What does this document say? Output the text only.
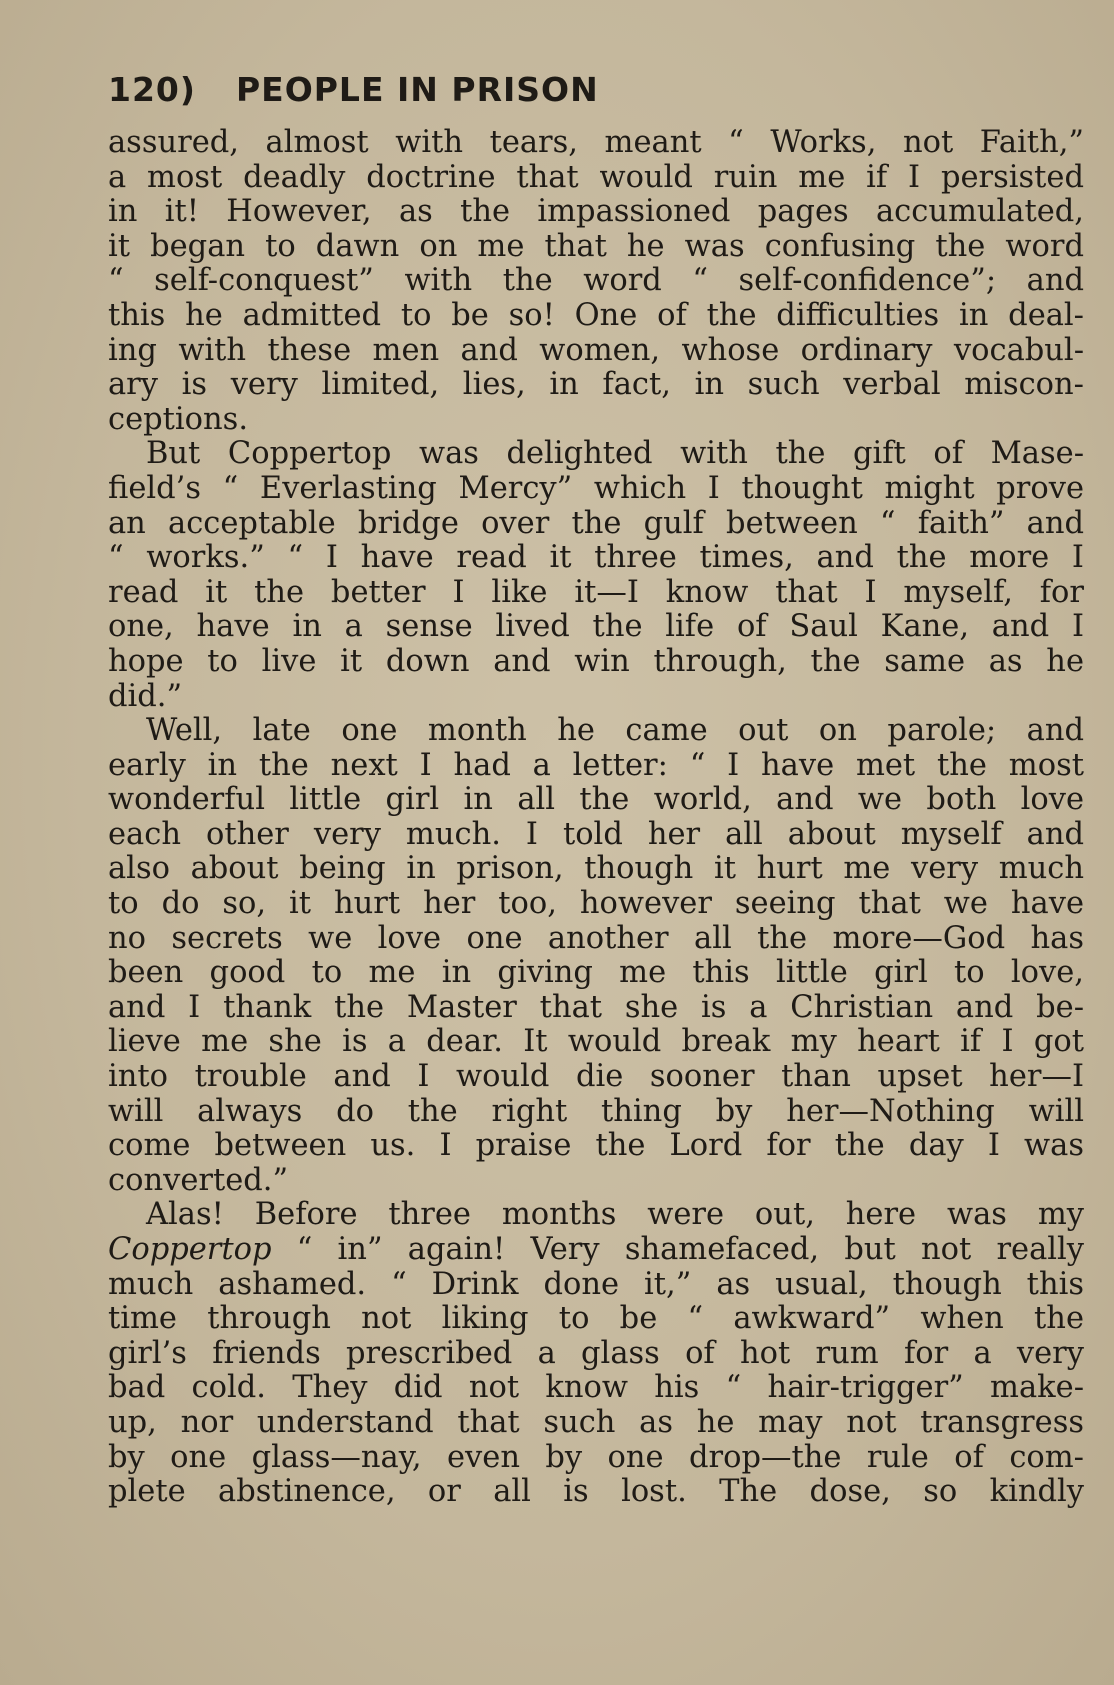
120) PEOPLE IN PRISON
assured, almost with tears, meant “ Works, not Faith,”
a most deadly doctrine that would ruin me if I persisted
in it! However, as the impassioned pages accumulated,
it began to dawn on me that he was confusing the word
“ self-conquest” with the word “ self-confidence”; and
this he admitted to be so! One of the difficulties in deal-
ing with these men and women, whose ordinary vocabul-
ary is very limited, lies, in fact, in such verbal miscon-
ceptions.
But Coppertop was delighted with the gift of Mase-
field’s “ Everlasting Mercy” which I thought might prove
an acceptable bridge over the gulf between “ faith” and
“ works.” “ I have read it three times, and the more I
read it the better I like it—I know that I myself, for
one, have in a sense lived the life of Saul Kane, and I
hope to live it down and win through, the same as he
did.”
Well, late one month he came out on parole; and
early in the next I had a letter: “ I have met the most
wonderful little girl in all the world, and we both love
each other very much. I told her all about myself and
also about being in prison, though it hurt me very much
to do so, it hurt her too, however seeing that we have
no secrets we love one another all the more—God has
been good to me in giving me this little girl to love,
and I thank the Master that she is a Christian and be-
lieve me she is a dear. It would break my heart if I got
into trouble and I would die sooner than upset her—I
will always do the right thing by her—Nothing will
come between us. I praise the Lord for the day I was
converted.”
Alas! Before three months were out, here was my
Coppertop “ in” again! Very shamefaced, but not really
much ashamed. “ Drink done it,” as usual, though this
time through not liking to be “ awkward” when the
girl’s friends prescribed a glass of hot rum for a very
bad cold. They did not know his “ hair-trigger” make-
up, nor understand that such as he may not transgress
by one glass—nay, even by one drop—the rule of com-
plete abstinence, or all is lost. The dose, so kindly
